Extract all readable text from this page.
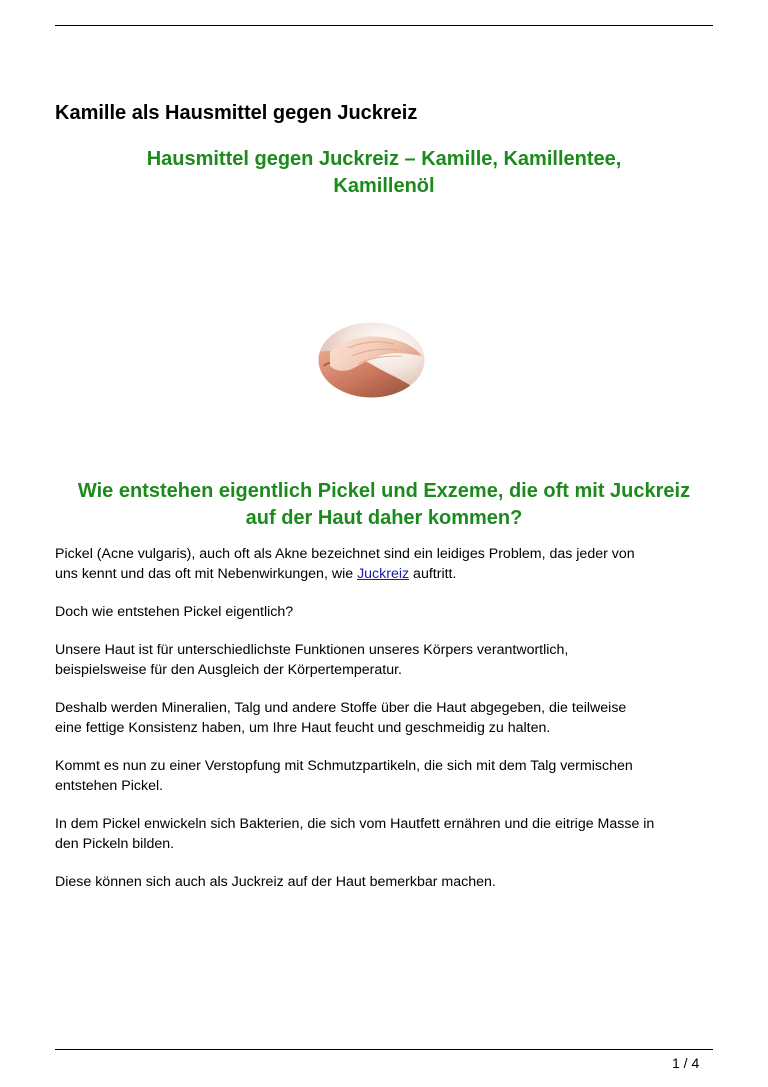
Kamille als Hausmittel gegen Juckreiz
Hausmittel gegen Juckreiz – Kamille, Kamillentee,
Kamillenöl
Wie entstehen eigentlich Pickel und Exzeme, die oft mit Juckreiz
auf der Haut daher kommen?

Pickel (Acne vulgaris), auch oft als Akne bezeichnet sind ein leidiges Problem, das jeder von
uns kennt und das oft mit Nebenwirkungen, wie Juckreiz auftritt.

Doch wie entstehen Pickel eigentlich?

Unsere Haut ist für unterschiedlichste Funktionen unseres Körpers verantwortlich,
beispielsweise für den Ausgleich der Körpertemperatur.

Deshalb werden Mineralien, Talg und andere Stoffe über die Haut abgegeben, die teilweise
eine fettige Konsistenz haben, um Ihre Haut feucht und geschmeidig zu halten.

Kommt es nun zu einer Verstopfung mit Schmutzpartikeln, die sich mit dem Talg vermischen
entstehen Pickel.

In dem Pickel enwickeln sich Bakterien, die sich vom Hautfett ernähren und die eitrige Masse in
den Pickeln bilden.

Diese können sich auch als Juckreiz auf der Haut bemerkbar machen.

1 / 4
